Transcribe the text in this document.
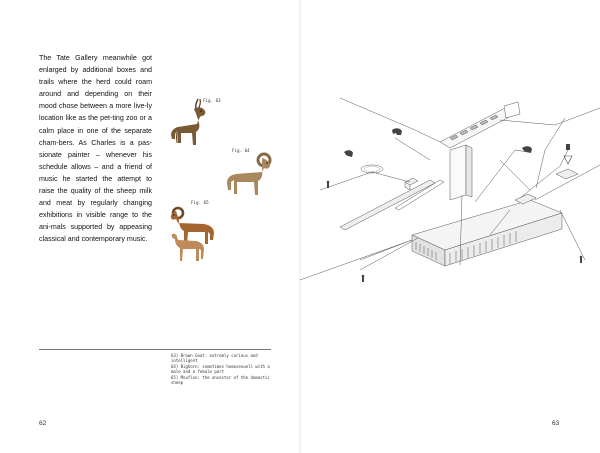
The Tate Gallery meanwhile got enlarged by additional boxes and trails where the herd could roam around and depending on their mood chose between a more live-ly location like as the pet-ting zoo or a calm place in one of the separate cham-bers. As Charles is a pas-sionate painter – whenever his schedule allows – and a friend of music he started the attempt to raise the quality of the sheep milk and meat by regularly changing exhibitions in visible range to the ani-mals supported by appeasing classical and contemporary music.

Fig. 63
Fig. 64
Fig. 65
63) Brown Goat: extremly curious and intelligent
64) Bighorn: sometimes homosexuell with a male and a female part
65) Mouflon: the ancestor of the domestic sheep
62	63
